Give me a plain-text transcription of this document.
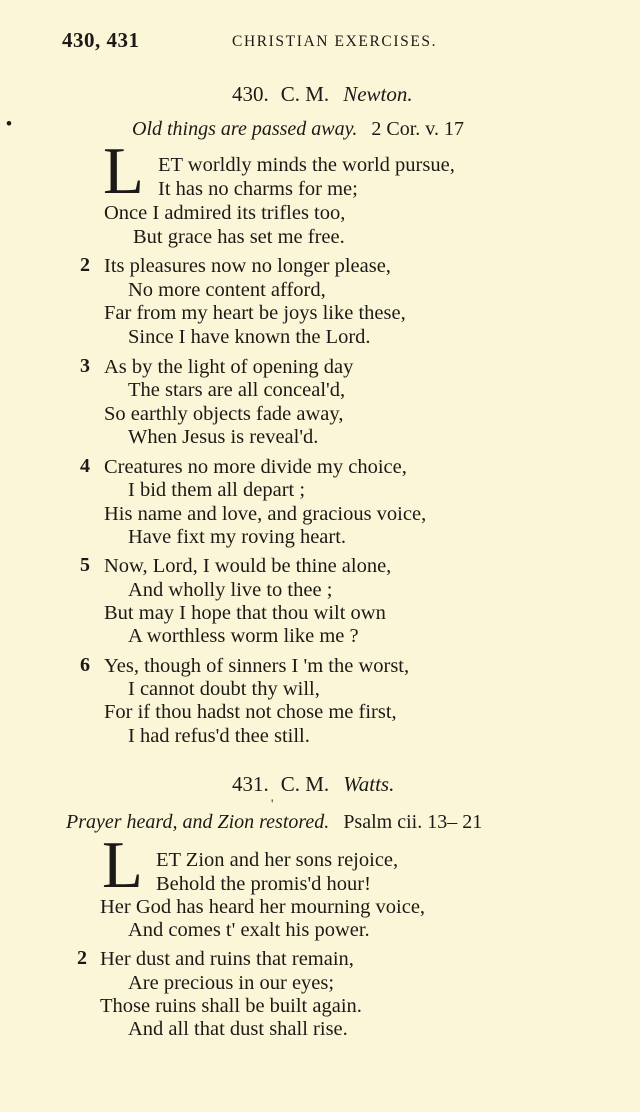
430, 431	CHRISTIAN EXERCISES.
•
430. C. M. Newton.
Old things are passed away. 2 Cor. v. 17
L ET worldly minds the world pursue,
It has no charms for me;
Once I admired its trifles too,
But grace has set me free.
2 Its pleasures now no longer please,
No more content afford,
Far from my heart be joys like these,
Since I have known the Lord.
3 As by the light of opening day
The stars are all conceal'd,
So earthly objects fade away,
When Jesus is reveal'd.
4 Creatures no more divide my choice,
I bid them all depart ;
His name and love, and gracious voice,
Have fixt my roving heart.
5 Now, Lord, I would be thine alone,
And wholly live to thee ;
But may I hope that thou wilt own
A worthless worm like me ?
6 Yes, though of sinners I 'm the worst,
I cannot doubt thy will,
For if thou hadst not chose me first,
I had refus'd thee still.
431. C. M. Watts.
'
Prayer heard, and Zion restored. Psalm cii. 13– 21
L ET Zion and her sons rejoice,
Behold the promis'd hour!
Her God has heard her mourning voice,
And comes t' exalt his power.
2 Her dust and ruins that remain,
Are precious in our eyes;
Those ruins shall be built again.
And all that dust shall rise.
